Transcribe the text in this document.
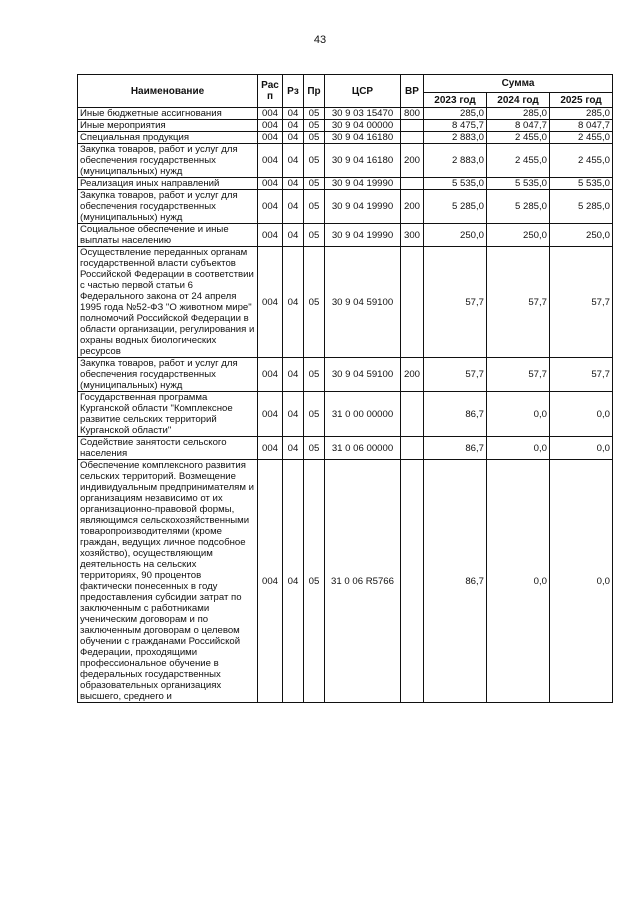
43
Наименование	Рас п	Рз	Пр	ЦСР	ВР	Сумма		
						2023 год	2024 год	2025 год
Иные бюджетные ассигнования	004	04	05	30 9 03 15470	800	285,0	285,0	285,0
Иные мероприятия	004	04	05	30 9 04 00000		8 475,7	8 047,7	8 047,7
Специальная продукция	004	04	05	30 9 04 16180		2 883,0	2 455,0	2 455,0
Закупка товаров, работ и услуг для обеспечения государственных (муниципальных) нужд	004	04	05	30 9 04 16180	200	2 883,0	2 455,0	2 455,0
Реализация иных направлений	004	04	05	30 9 04 19990		5 535,0	5 535,0	5 535,0
Закупка товаров, работ и услуг для обеспечения государственных (муниципальных) нужд	004	04	05	30 9 04 19990	200	5 285,0	5 285,0	5 285,0
Социальное обеспечение и иные выплаты населению	004	04	05	30 9 04 19990	300	250,0	250,0	250,0
Осуществление переданных органам государственной власти субъектов Российской Федерации в соответствии с частью первой статьи 6 Федерального закона от 24 апреля 1995 года №52-ФЗ "О животном мире" полномочий Российской Федерации в области организации, регулирования и охраны водных биологических ресурсов	004	04	05	30 9 04 59100		57,7	57,7	57,7
Закупка товаров, работ и услуг для обеспечения государственных (муниципальных) нужд	004	04	05	30 9 04 59100	200	57,7	57,7	57,7
Государственная программа Курганской области "Комплексное развитие сельских территорий Курганской области"	004	04	05	31 0 00 00000		86,7	0,0	0,0
Содействие занятости сельского населения	004	04	05	31 0 06 00000		86,7	0,0	0,0
Обеспечение комплексного развития сельских территорий. Возмещение индивидуальным предпринимателям и организациям независимо от их организационно-правовой формы, являющимся сельскохозяйственными товаропроизводителями (кроме граждан, ведущих личное подсобное хозяйство), осуществляющим деятельность на сельских территориях, 90 процентов фактически понесенных в году предоставления субсидии затрат по заключенным с работниками ученическим договорам и по заключенным договорам о целевом обучении с гражданами Российской Федерации, проходящими профессиональное обучение в федеральных государственных образовательных организациях высшего, среднего и	004	04	05	31 0 06 R5766		86,7	0,0	0,0
